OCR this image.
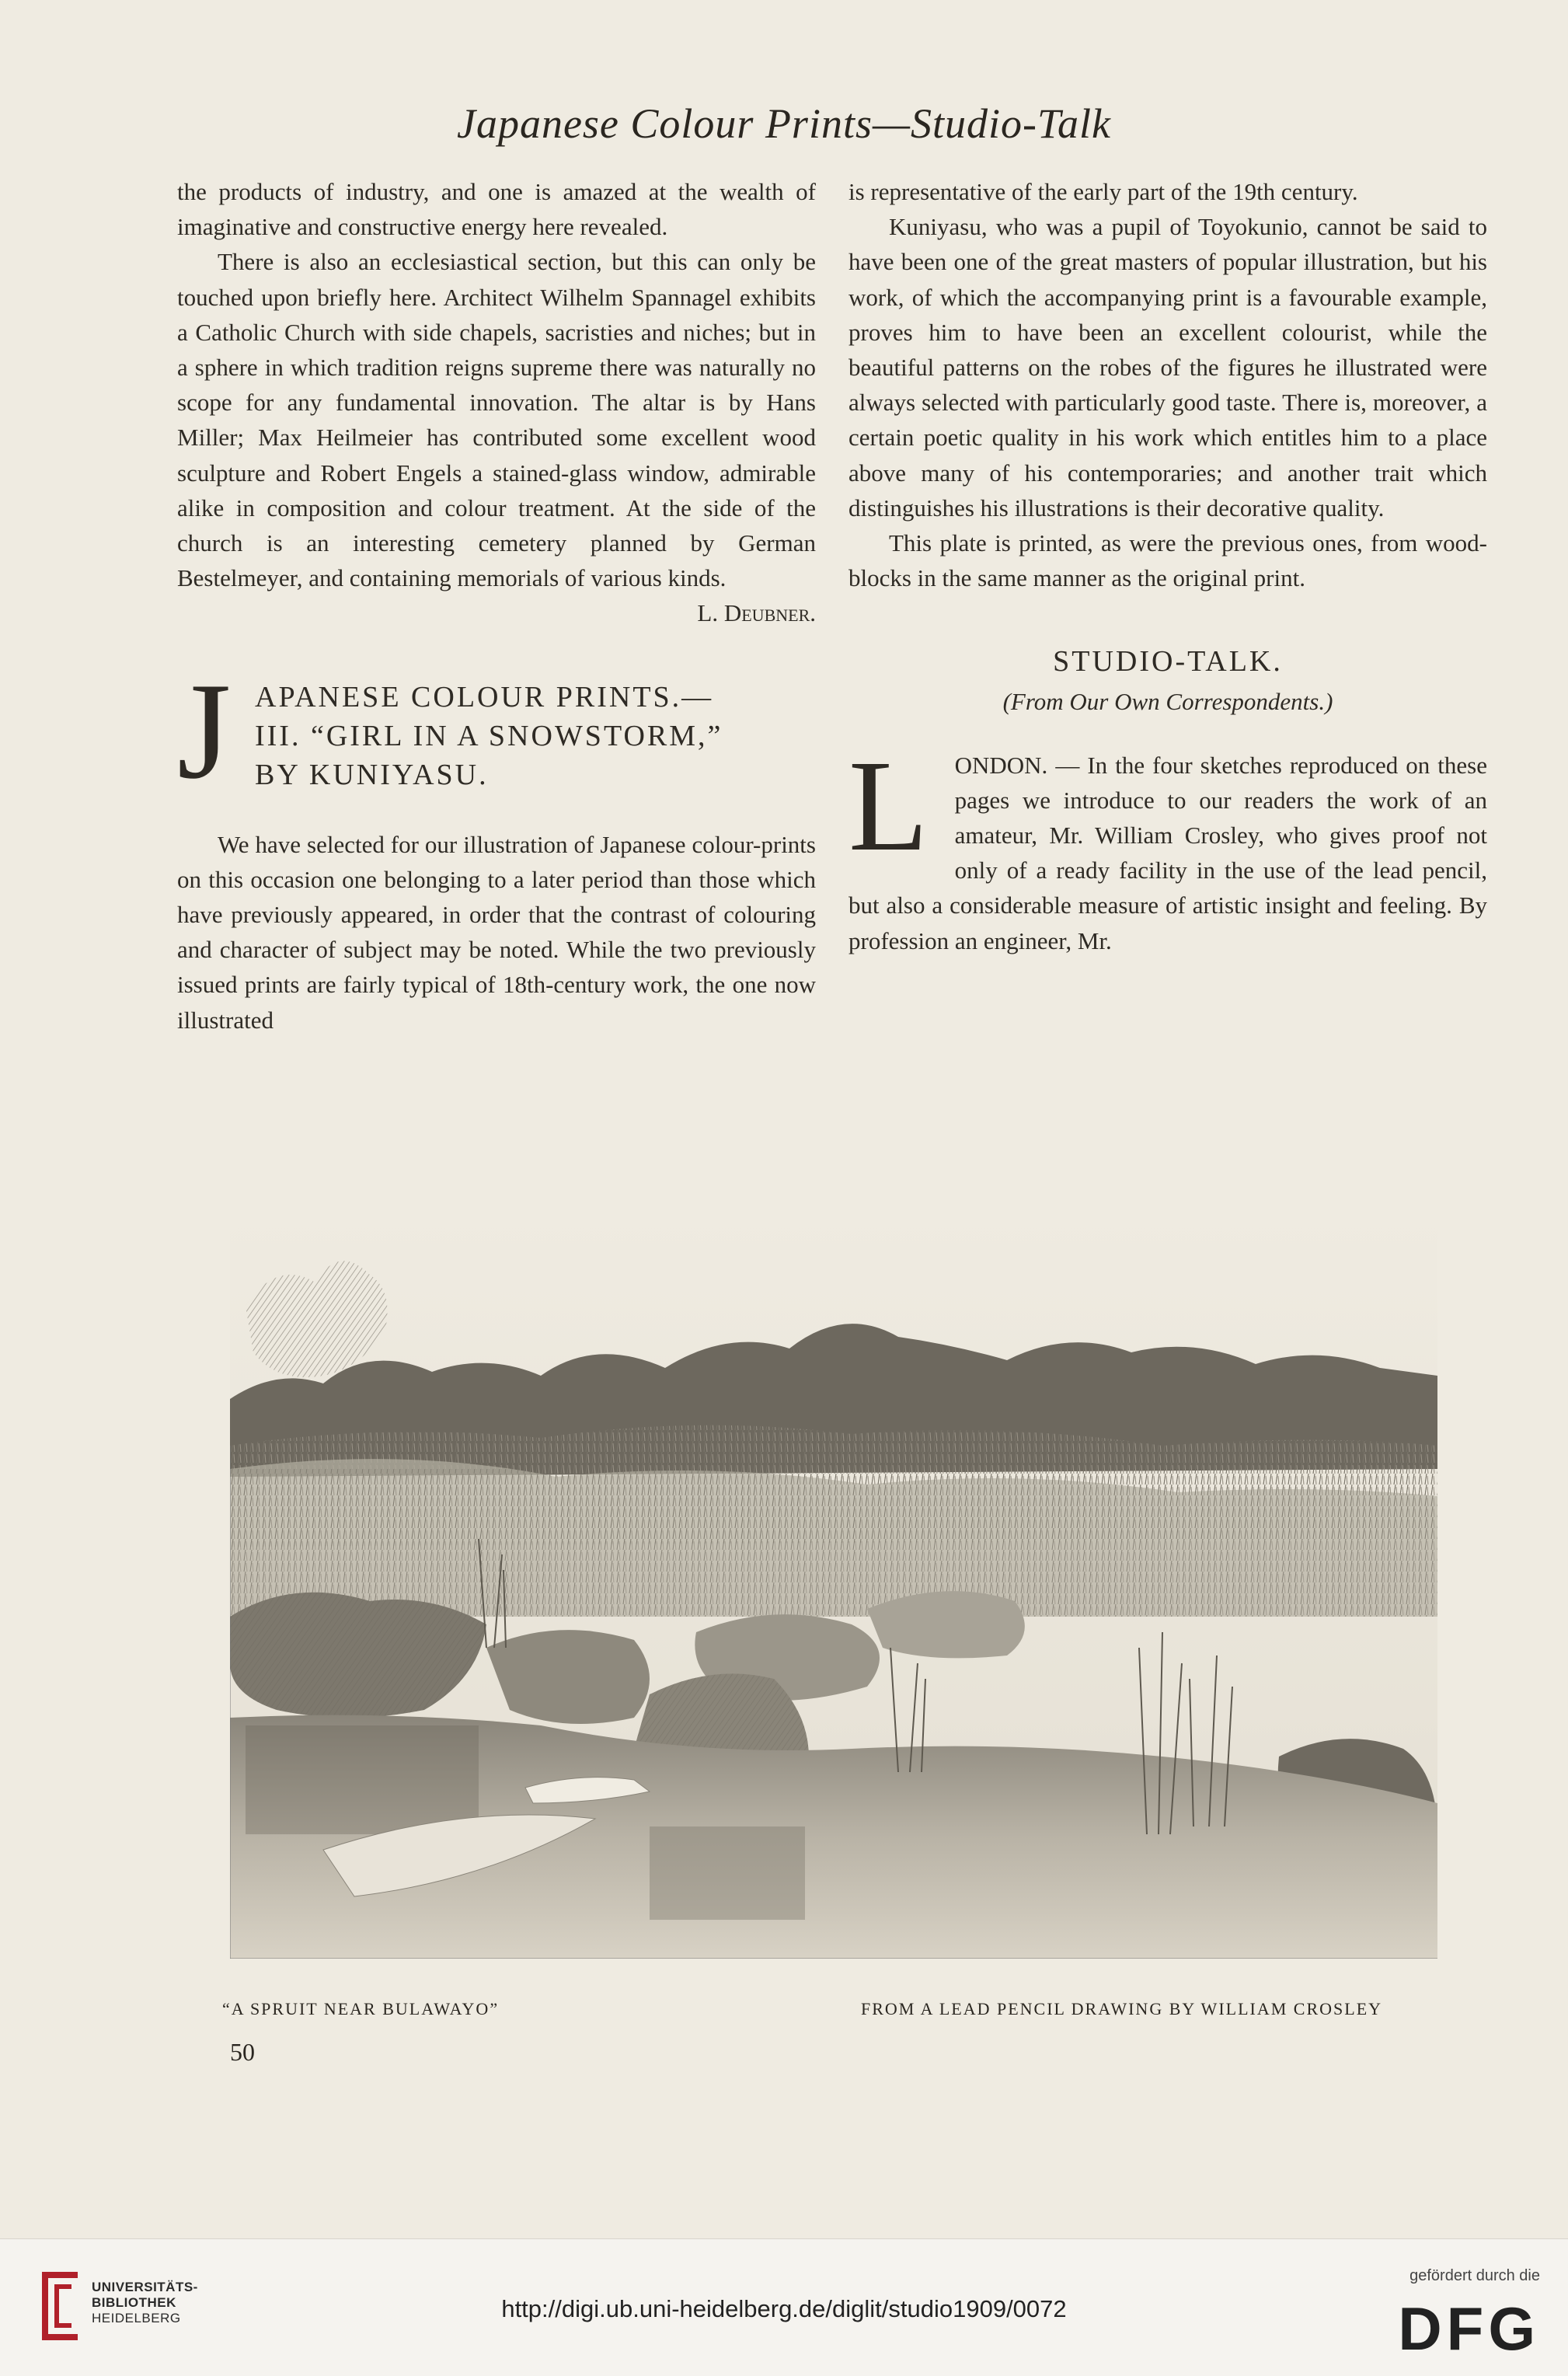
Japanese Colour Prints—Studio-Talk

the products of industry, and one is amazed at the wealth of imaginative and constructive energy here revealed.

There is also an ecclesiastical section, but this can only be touched upon briefly here. Architect Wilhelm Spannagel exhibits a Catholic Church with side chapels, sacristies and niches; but in a sphere in which tradition reigns supreme there was naturally no scope for any fundamental innovation. The altar is by Hans Miller; Max Heilmeier has contributed some excellent wood sculpture and Robert Engels a stained-glass window, admirable alike in composition and colour treatment. At the side of the church is an interesting cemetery planned by German Bestelmeyer, and containing memorials of various kinds.
L. Deubner.

J APANESE COLOUR PRINTS.—
III. “GIRL IN A SNOWSTORM,”
BY KUNIYASU.

We have selected for our illustration of Japanese colour-prints on this occasion one belonging to a later period than those which have previously appeared, in order that the contrast of colouring and character of subject may be noted. While the two previously issued prints are fairly typical of 18th-century work, the one now illustrated

is representative of the early part of the 19th century.

Kuniyasu, who was a pupil of Toyokunio, cannot be said to have been one of the great masters of popular illustration, but his work, of which the accompanying print is a favourable example, proves him to have been an excellent colourist, while the beautiful patterns on the robes of the figures he illustrated were always selected with particularly good taste. There is, moreover, a certain poetic quality in his work which entitles him to a place above many of his contemporaries; and another trait which distinguishes his illustrations is their decorative quality.

This plate is printed, as were the previous ones, from wood-blocks in the same manner as the original print.

STUDIO-TALK.
(From Our Own Correspondents.)

L ONDON. — In the four sketches reproduced on these pages we introduce to our readers the work of an amateur, Mr. William Crosley, who gives proof not only of a ready facility in the use of the lead pencil, but also a considerable measure of artistic insight and feeling. By profession an engineer, Mr.

“A SPRUIT NEAR BULAWAYO”	FROM A LEAD PENCIL DRAWING BY WILLIAM CROSLEY
50
UNIVERSITÄTS-
BIBLIOTHEK
HEIDELBERG	http://digi.ub.uni-heidelberg.de/diglit/studio1909/0072
gefördert durch die
DFG
